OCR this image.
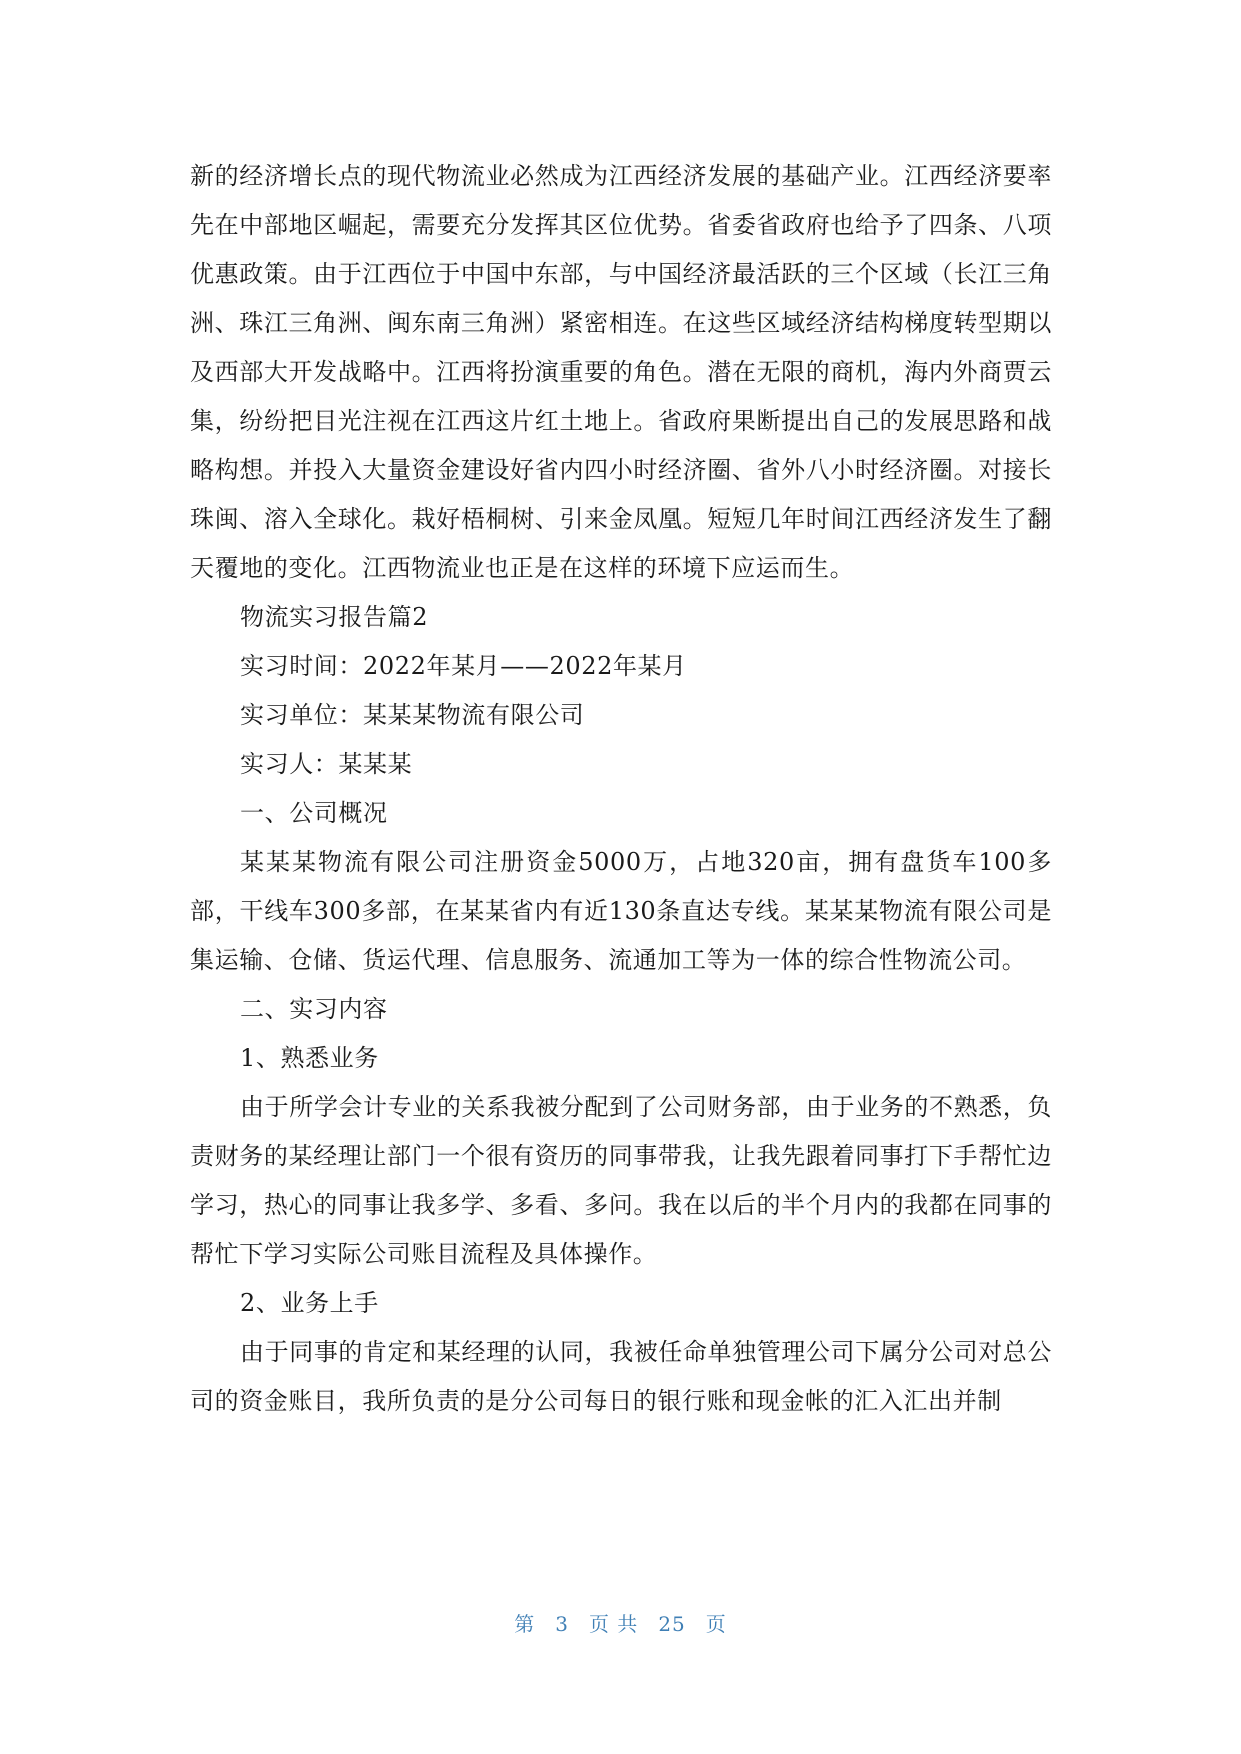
新的经济增长点的现代物流业必然成为江西经济发展的基础产业。江西经济要率先在中部地区崛起，需要充分发挥其区位优势。省委省政府也给予了四条、八项优惠政策。由于江西位于中国中东部，与中国经济最活跃的三个区域（长江三角洲、珠江三角洲、闽东南三角洲）紧密相连。在这些区域经济结构梯度转型期以及西部大开发战略中。江西将扮演重要的角色。潜在无限的商机，海内外商贾云集，纷纷把目光注视在江西这片红土地上。省政府果断提出自己的发展思路和战略构想。并投入大量资金建设好省内四小时经济圈、省外八小时经济圈。对接长珠闽、溶入全球化。栽好梧桐树、引来金凤凰。短短几年时间江西经济发生了翻天覆地的变化。江西物流业也正是在这样的环境下应运而生。

物流实习报告篇2

实习时间：2022年某月——2022年某月

实习单位：某某某物流有限公司

实习人：某某某

一、公司概况

某某某物流有限公司注册资金5000万，占地320亩，拥有盘货车100多部，干线车300多部，在某某省内有近130条直达专线。某某某物流有限公司是集运输、仓储、货运代理、信息服务、流通加工等为一体的综合性物流公司。

二、实习内容

1、熟悉业务

由于所学会计专业的关系我被分配到了公司财务部，由于业务的不熟悉，负责财务的某经理让部门一个很有资历的同事带我，让我先跟着同事打下手帮忙边学习，热心的同事让我多学、多看、多问。我在以后的半个月内的我都在同事的帮忙下学习实际公司账目流程及具体操作。

2、业务上手

由于同事的肯定和某经理的认同，我被任命单独管理公司下属分公司对总公司的资金账目，我所负责的是分公司每日的银行账和现金帐的汇入汇出并制

第 3 页 共 25 页
